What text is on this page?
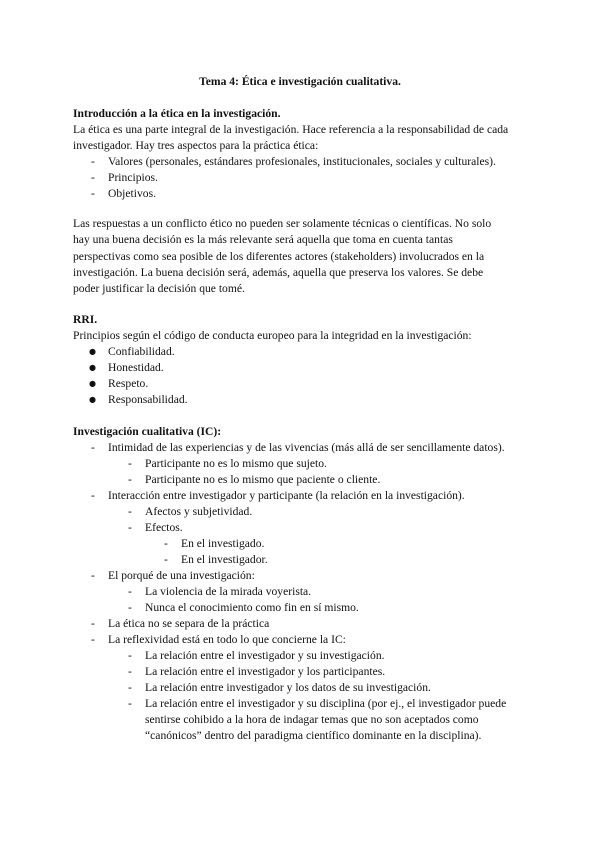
Tema 4: Ética e investigación cualitativa.
Introducción a la ética en la investigación.
La ética es una parte integral de la investigación. Hace referencia a la responsabilidad de cada
investigador. Hay tres aspectos para la práctica ética:
- Valores (personales, estándares profesionales, institucionales, sociales y culturales).
- Principios.
- Objetivos.
Las respuestas a un conflicto ético no pueden ser solamente técnicas o científicas. No solo
hay una buena decisión es la más relevante será aquella que toma en cuenta tantas
perspectivas como sea posible de los diferentes actores (stakeholders) involucrados en la
investigación. La buena decisión será, además, aquella que preserva los valores. Se debe
poder justificar la decisión que tomé.
RRI.
Principios según el código de conducta europeo para la integridad en la investigación:
● Confiabilidad.
● Honestidad.
● Respeto.
● Responsabilidad.
Investigación cualitativa (IC):
- Intimidad de las experiencias y de las vivencias (más allá de ser sencillamente datos).
- Participante no es lo mismo que sujeto.
- Participante no es lo mismo que paciente o cliente.
- Interacción entre investigador y participante (la relación en la investigación).
- Afectos y subjetividad.
- Efectos.
- En el investigado.
- En el investigador.
- El porqué de una investigación:
- La violencia de la mirada voyerista.
- Nunca el conocimiento como fin en sí mismo.
- La ética no se separa de la práctica
- La reflexividad está en todo lo que concierne la IC:
- La relación entre el investigador y su investigación.
- La relación entre el investigador y los participantes.
- La relación entre investigador y los datos de su investigación.
- La relación entre el investigador y su disciplina (por ej., el investigador puede
sentirse cohibido a la hora de indagar temas que no son aceptados como
“canónicos” dentro del paradigma científico dominante en la disciplina).
